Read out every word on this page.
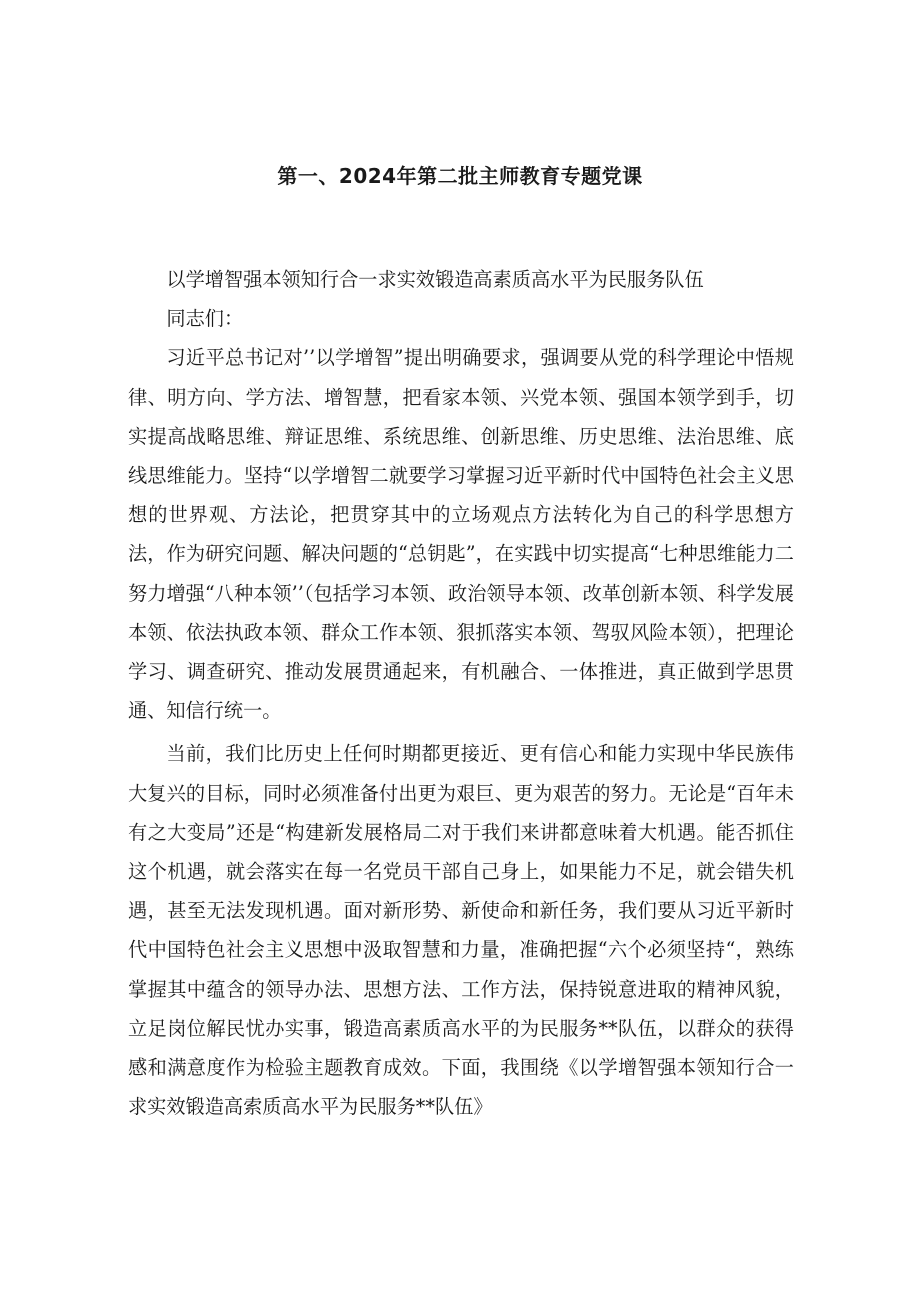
第一、2024年第二批主师教育专题党课

以学增智强本领知行合一求实效锻造高素质高水平为民服务队伍

同志们：

习近平总书记对’’以学增智”提出明确要求，强调要从党的科学理论中悟规律、明方向、学方法、增智慧，把看家本领、兴党本领、强国本领学到手，切实提高战略思维、辩证思维、系统思维、创新思维、历史思维、法治思维、底线思维能力。坚持“以学增智二就要学习掌握习近平新时代中国特色社会主义思想的世界观、方法论，把贯穿其中的立场观点方法转化为自己的科学思想方法，作为研究问题、解决问题的“总钥匙”，在实践中切实提高“七种思维能力二努力增强“八种本领’’（包括学习本领、政治领导本领、改革创新本领、科学发展本领、依法执政本领、群众工作本领、狠抓落实本领、驾驭风险本领），把理论学习、调查研究、推动发展贯通起来，有机融合、一体推进，真正做到学思贯通、知信行统一。

当前，我们比历史上任何时期都更接近、更有信心和能力实现中华民族伟大复兴的目标，同时必须准备付出更为艰巨、更为艰苦的努力。无论是“百年未有之大变局”还是“构建新发展格局二对于我们来讲都意味着大机遇。能否抓住这个机遇，就会落实在每一名党员干部自己身上，如果能力不足，就会错失机遇，甚至无法发现机遇。面对新形势、新使命和新任务，我们要从习近平新时代中国特色社会主义思想中汲取智慧和力量，准确把握“六个必须坚持“，熟练掌握其中蕴含的领导办法、思想方法、工作方法，保持锐意进取的精神风貌，立足岗位解民忧办实事，锻造高素质高水平的为民服务**队伍，以群众的获得感和满意度作为检验主题教育成效。下面，我围绕《以学增智强本领知行合一求实效锻造高索质高水平为民服务**队伍》
